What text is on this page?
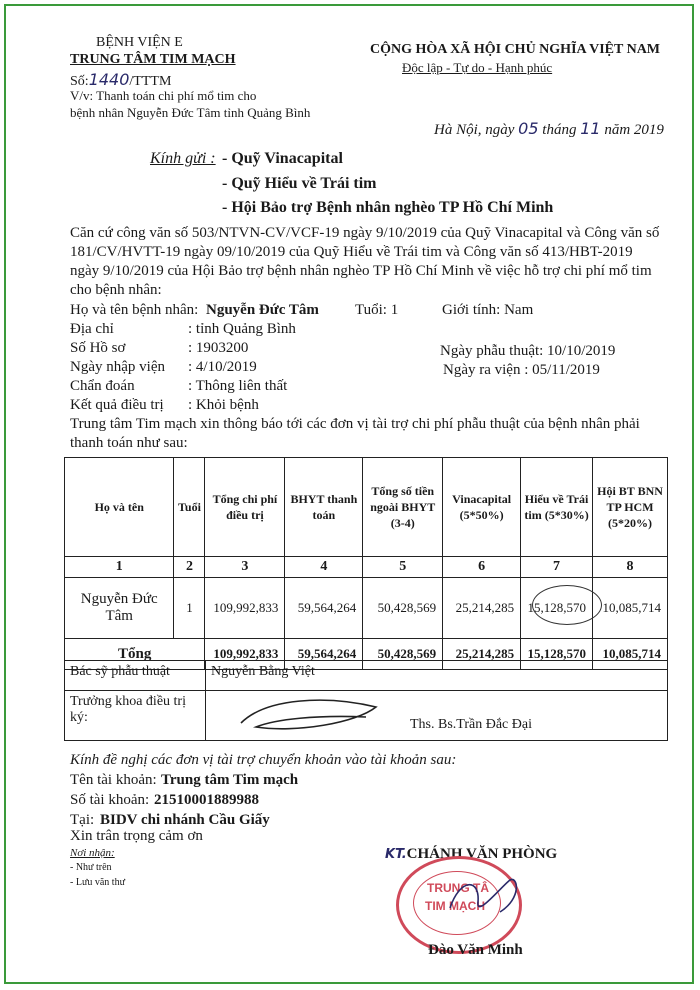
BỆNH VIỆN E
TRUNG TÂM TIM MẠCH
Số:1440/TTTM
V/v: Thanh toán chi phí mổ tim cho
bệnh nhân Nguyễn Đức Tâm tỉnh Quảng Bình
CỘNG HÒA XÃ HỘI CHỦ NGHĨA VIỆT NAM
Độc lập - Tự do - Hạnh phúc
Hà Nội, ngày 05 tháng 11 năm 2019
Kính gửi : - Quỹ Vinacapital
- Quỹ Hiểu về Trái tim
- Hội Bảo trợ Bệnh nhân nghèo TP Hồ Chí Minh
Căn cứ công văn số 503/NTVN-CV/VCF-19 ngày 9/10/2019 của Quỹ Vinacapital và Công văn số
181/CV/HVTT-19 ngày 09/10/2019 của Quỹ Hiểu về Trái tim và Công văn số 413/HBT-2019
ngày 9/10/2019 của Hội Bảo trợ bệnh nhân nghèo TP Hồ Chí Minh về việc hỗ trợ chi phí mổ tim
cho bệnh nhân:
Họ và tên bệnh nhân: Nguyễn Đức Tâm Tuổi: 1	Giới tính: Nam
Địa chỉ	: tỉnh Quảng Bình
Số Hồ sơ	: 1903200	Ngày phẫu thuật: 10/10/2019
Ngày nhập viện : 4/10/2019	Ngày ra viện : 05/11/2019
Chẩn đoán	: Thông liên thất
Kết quả điều trị : Khỏi bệnh
Trung tâm Tim mạch xin thông báo tới các đơn vị tài trợ chi phí phẫu thuật của bệnh nhân phải
thanh toán như sau:
Họ và tên	Tuổi	Tổng chi phí điều trị	BHYT thanh toán	Tổng số tiền ngoài BHYT (3-4)	Vinacapital (5*50%)	Hiểu về Trái tim (5*30%)	Hội BT BNN TP HCM (5*20%)
1	2	3	4	5	6	7	8
Nguyễn Đức Tâm	1	109,992,833	59,564,264	50,428,569	25,214,285	15,128,570	10,085,714
Tổng		109,992,833	59,564,264	50,428,569	25,214,285	15,128,570	10,085,714
Bác sỹ phẫu thuật	Nguyễn Bằng Việt
Trưởng khoa điều trị ký:	Ths. Bs.Trần Đắc Đại
Kính đề nghị các đơn vị tài trợ chuyển khoản vào tài khoản sau:
Tên tài khoản: Trung tâm Tim mạch
Số tài khoản: 21510001889988
Tại: BIDV chi nhánh Cầu Giấy
Xin trân trọng cảm ơn
Nơi nhận:
- Như trên
- Lưu văn thư
KT.CHÁNH VĂN PHÒNG
TRUNG TÂ
TIM MẠCH
Đào Văn Minh
